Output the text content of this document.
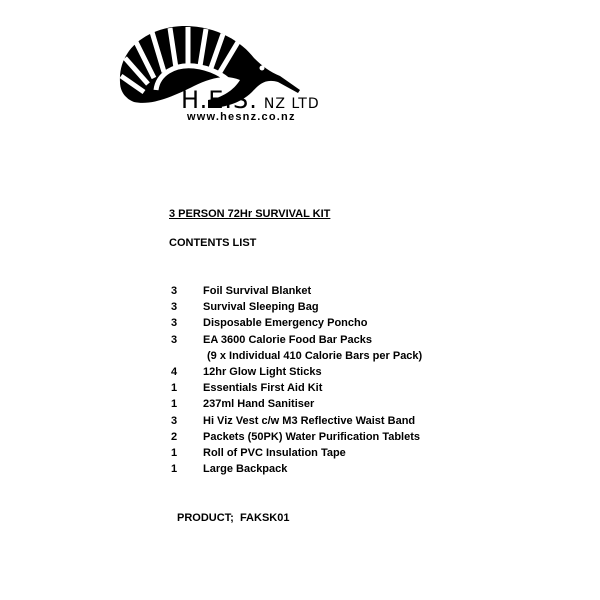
H.E.S. NZ LTD
www.hesnz.co.nz
3 PERSON 72Hr SURVIVAL KIT
CONTENTS LIST
3 Foil Survival Blanket
3 Survival Sleeping Bag
3 Disposable Emergency Poncho
3 EA 3600 Calorie Food Bar Packs
(9 x Individual 410 Calorie Bars per Pack)
4 12hr Glow Light Sticks
1 Essentials First Aid Kit
1 237ml Hand Sanitiser
3 Hi Viz Vest c/w M3 Reflective Waist Band
2 Packets (50PK) Water Purification Tablets
1 Roll of PVC Insulation Tape
1 Large Backpack
PRODUCT;  FAKSK01
